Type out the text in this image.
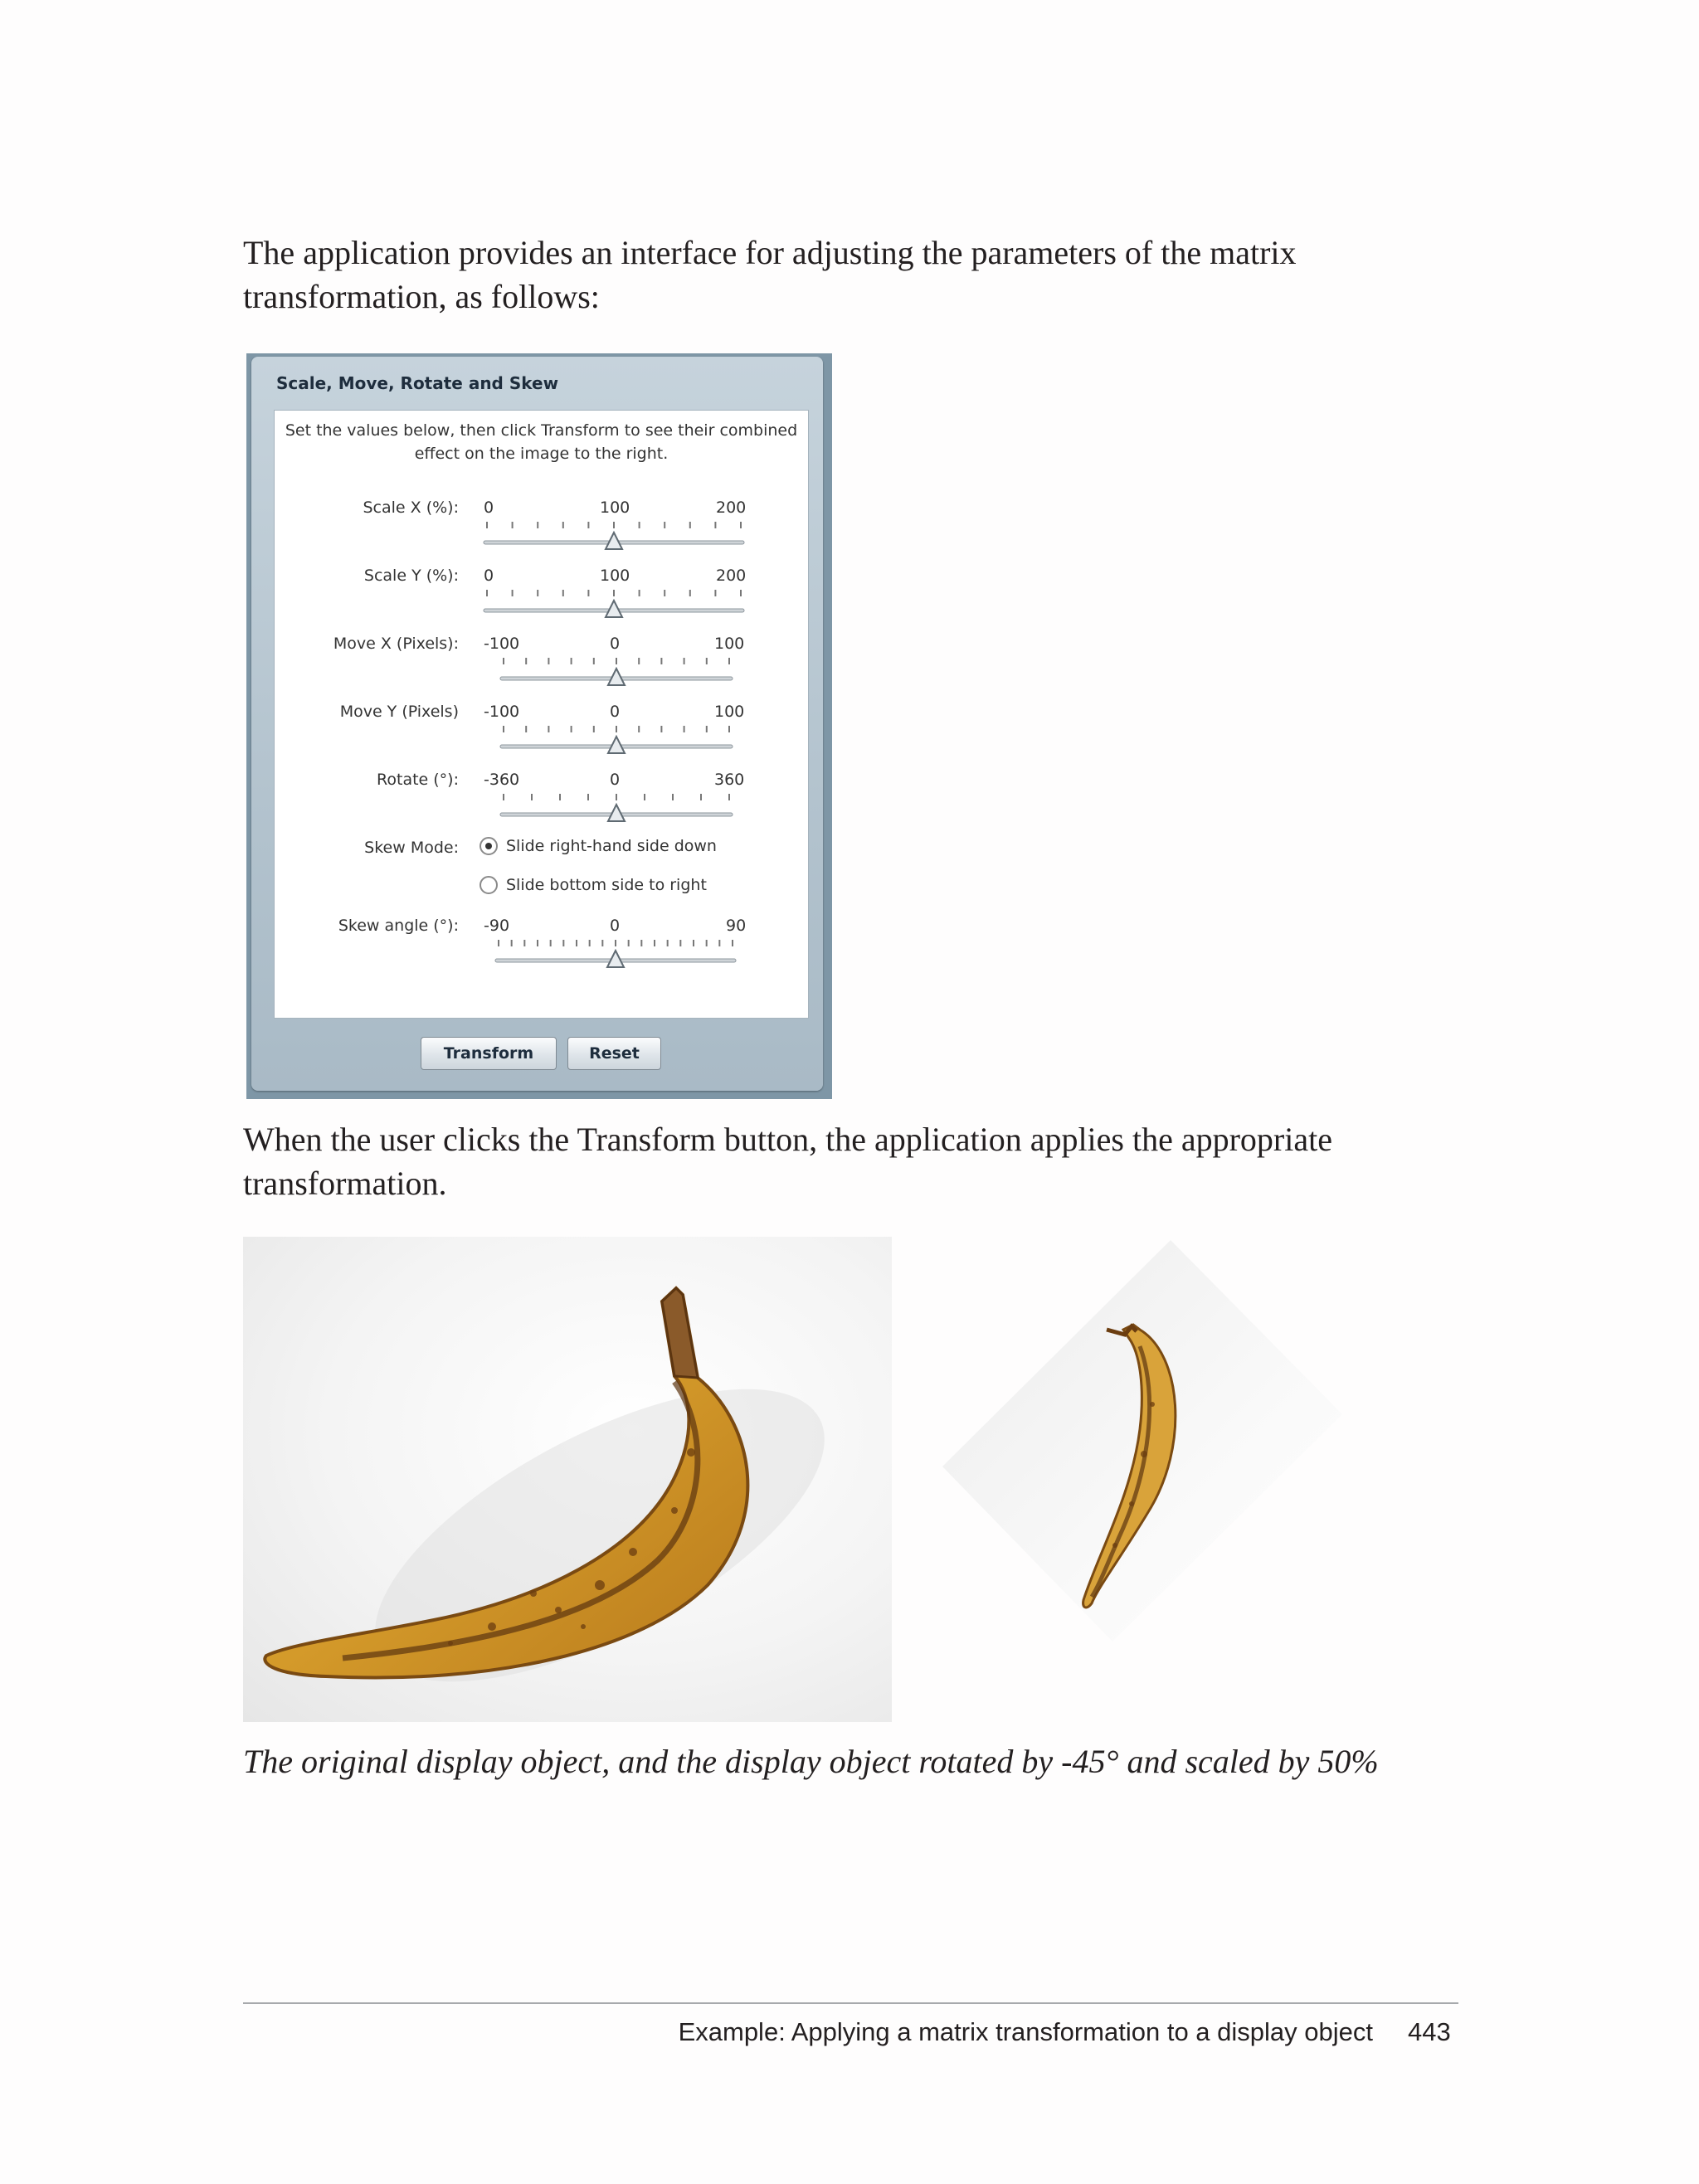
The application provides an interface for adjusting the parameters of the matrix transformation, as follows:

Scale, Move, Rotate and Skew
Set the values below, then click Transform to see their combined effect on the image to the right.
Scale X (%): 0	100	200
Scale Y (%): 0	100	200
Move X (Pixels): -100	0	100
Move Y (Pixels) -100	0	100
Rotate (°): -360	0	360
Skew Mode:	Slide right-hand side down
Slide bottom side to right
Skew angle (°): -90	0	90
Transform	Reset

When the user clicks the Transform button, the application applies the appropriate transformation.

The original display object, and the display object rotated by -45° and scaled by 50%

Example: Applying a matrix transformation to a display object 443
